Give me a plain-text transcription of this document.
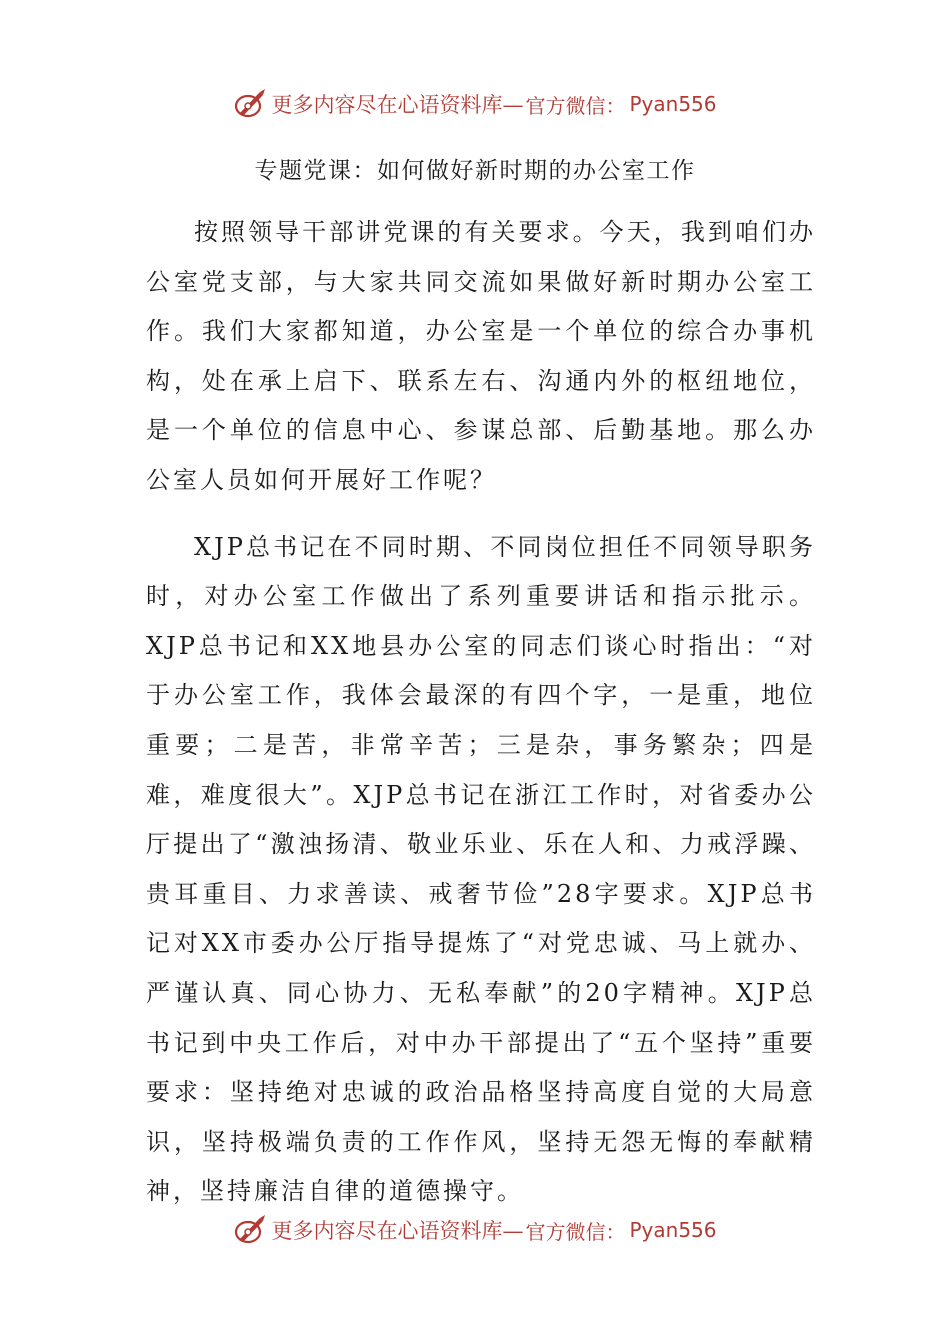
更多内容尽在心语资料库— 官方微信： Pyan556
专题党课：如何做好新时期的办公室工作

按照领导干部讲党课的有关要求。今天，我到咱们办公室党支部，与大家共同交流如果做好新时期办公室工作。我们大家都知道，办公室是一个单位的综合办事机构，处在承上启下、联系左右、沟通内外的枢纽地位，是一个单位的信息中心、参谋总部、后勤基地。那么办公室人员如何开展好工作呢？

XJP总书记在不同时期、不同岗位担任不同领导职务时，对办公室工作做出了系列重要讲话和指示批示。XJP总书记和XX地县办公室的同志们谈心时指出：“对于办公室工作，我体会最深的有四个字，一是重，地位重要；二是苦，非常辛苦；三是杂，事务繁杂；四是难，难度很大”。XJP总书记在浙江工作时，对省委办公厅提出了“激浊扬清、敬业乐业、乐在人和、力戒浮躁、贵耳重目、力求善读、戒奢节俭”28字要求。XJP总书记对XX市委办公厅指导提炼了“对党忠诚、马上就办、严谨认真、同心协力、无私奉献”的20字精神。XJP总书记到中央工作后，对中办干部提出了“五个坚持”重要要求：坚持绝对忠诚的政治品格坚持高度自觉的大局意识，坚持极端负责的工作作风，坚持无怨无悔的奉献精神，坚持廉洁自律的道德操守。

更多内容尽在心语资料库— 官方微信： Pyan556
